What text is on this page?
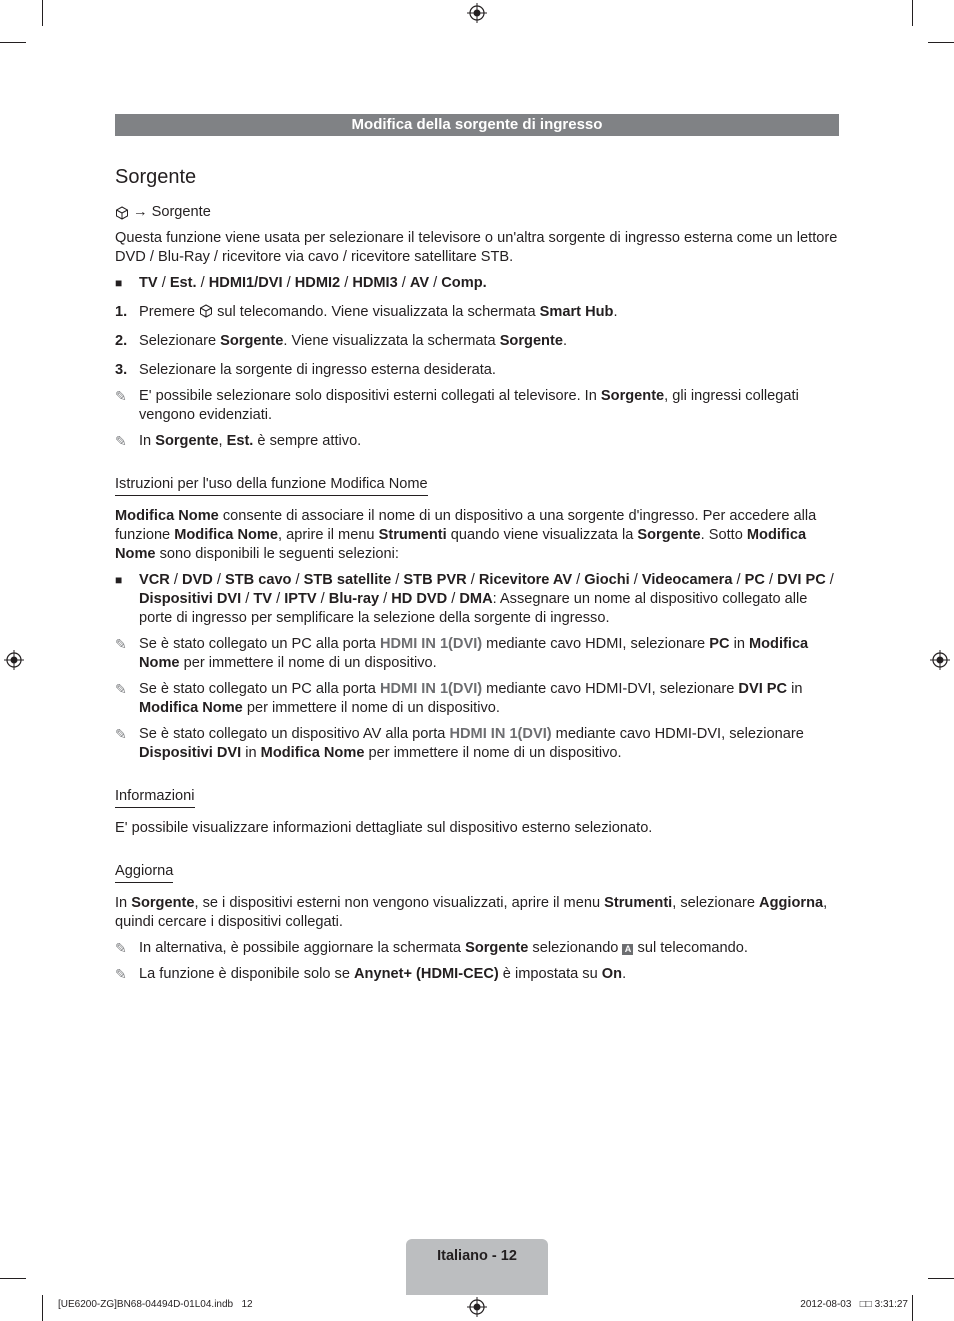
Modifica della sorgente di ingresso
Sorgente
→ Sorgente

Questa funzione viene usata per selezionare il televisore o un'altra sorgente di ingresso esterna come un lettore DVD / Blu-Ray / ricevitore via cavo / ricevitore satellitare STB.

■	TV / Est. / HDMI1/DVI / HDMI2 / HDMI3 / AV / Comp.
1. Premere  sul telecomando. Viene visualizzata la schermata Smart Hub.
2. Selezionare Sorgente. Viene visualizzata la schermata Sorgente.
3. Selezionare la sorgente di ingresso esterna desiderata.
✎ E' possibile selezionare solo dispositivi esterni collegati al televisore. In Sorgente, gli ingressi collegati vengono evidenziati.
✎ In Sorgente, Est. è sempre attivo.
Istruzioni per l'uso della funzione Modifica Nome

Modifica Nome consente di associare il nome di un dispositivo a una sorgente d'ingresso. Per accedere alla funzione Modifica Nome, aprire il menu Strumenti quando viene visualizzata la Sorgente. Sotto Modifica Nome sono disponibili le seguenti selezioni:

■	VCR / DVD / STB cavo / STB satellite / STB PVR / Ricevitore AV / Giochi / Videocamera / PC / DVI PC / Dispositivi DVI / TV / IPTV / Blu-ray / HD DVD / DMA: Assegnare un nome al dispositivo collegato alle porte di ingresso per semplificare la selezione della sorgente di ingresso.
✎ Se è stato collegato un PC alla porta HDMI IN 1(DVI) mediante cavo HDMI, selezionare PC in Modifica Nome per immettere il nome di un dispositivo.
✎ Se è stato collegato un PC alla porta HDMI IN 1(DVI) mediante cavo HDMI-DVI, selezionare DVI PC in Modifica Nome per immettere il nome di un dispositivo.
✎ Se è stato collegato un dispositivo AV alla porta HDMI IN 1(DVI) mediante cavo HDMI-DVI, selezionare Dispositivi DVI in Modifica Nome per immettere il nome di un dispositivo.
Informazioni

E' possibile visualizzare informazioni dettagliate sul dispositivo esterno selezionato.

Aggiorna

In Sorgente, se i dispositivi esterni non vengono visualizzati, aprire il menu Strumenti, selezionare Aggiorna, quindi cercare i dispositivi collegati.

✎ In alternativa, è possibile aggiornare la schermata Sorgente selezionando A sul telecomando.
✎ La funzione è disponibile solo se Anynet+ (HDMI-CEC) è impostata su On.
Italiano - 12
[UE6200-ZG]BN68-04494D-01L04.indb   12	2012-08-03   □□ 3:31:27
